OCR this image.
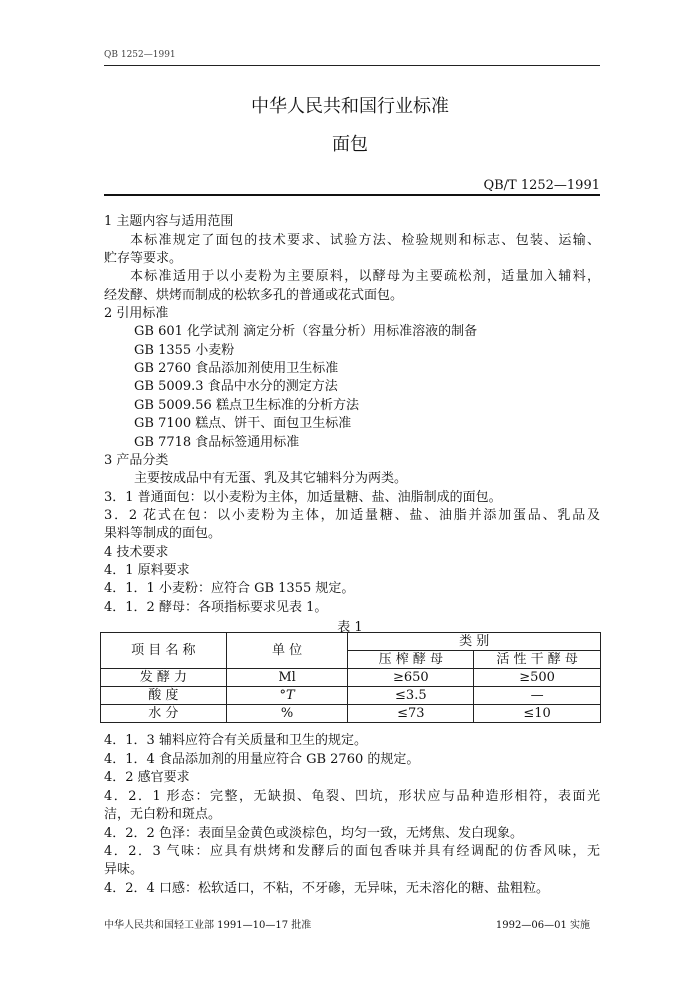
QB 1252—1991
中华人民共和国行业标准
面包
QB/T 1252—1991
1 主题内容与适用范围
本标准规定了面包的技术要求、试验方法、检验规则和标志、包装、运输、
贮存等要求。
本标准适用于以小麦粉为主要原料，以酵母为主要疏松剂，适量加入辅料，
经发酵、烘烤而制成的松软多孔的普通或花式面包。
2 引用标准
GB 601 化学试剂 滴定分析（容量分析）用标准溶液的制备
GB 1355 小麦粉
GB 2760 食品添加剂使用卫生标准
GB 5009.3 食品中水分的测定方法
GB 5009.56 糕点卫生标准的分析方法
GB 7100 糕点、饼干、面包卫生标准
GB 7718 食品标签通用标准
3 产品分类
主要按成品中有无蛋、乳及其它辅料分为两类。
3．1 普通面包：以小麦粉为主体，加适量糖、盐、油脂制成的面包。
3．2 花式在包：以小麦粉为主体，加适量糖、盐、油脂并添加蛋品、乳品及
果料等制成的面包。
4 技术要求
4．1 原料要求
4．1．1 小麦粉：应符合 GB 1355 规定。
4．1．2 酵母：各项指标要求见表 1。
表 1
项 目 名 称	单 位	类 别	
		压 榨 酵 母	活 性 干 酵 母
发 酵 力	Ml	≥650	≥500
酸 度	°T	≤3.5	—
水 分	%	≤73	≤10
4．1．3 辅料应符合有关质量和卫生的规定。
4．1．4 食品添加剂的用量应符合 GB 2760 的规定。
4．2 感官要求
4．2．1 形态：完整，无缺损、龟裂、凹坑，形状应与品种造形相符，表面光
洁，无白粉和斑点。
4．2．2 色泽：表面呈金黄色或淡棕色，均匀一致，无烤焦、发白现象。
4．2．3 气味：应具有烘烤和发酵后的面包香味并具有经调配的仿香风味，无
异味。
4．2．4 口感：松软适口，不粘，不牙碜，无异味，无未溶化的糖、盐粗粒。
中华人民共和国轻工业部 1991—10—17 批准	1992—06—01 实施
